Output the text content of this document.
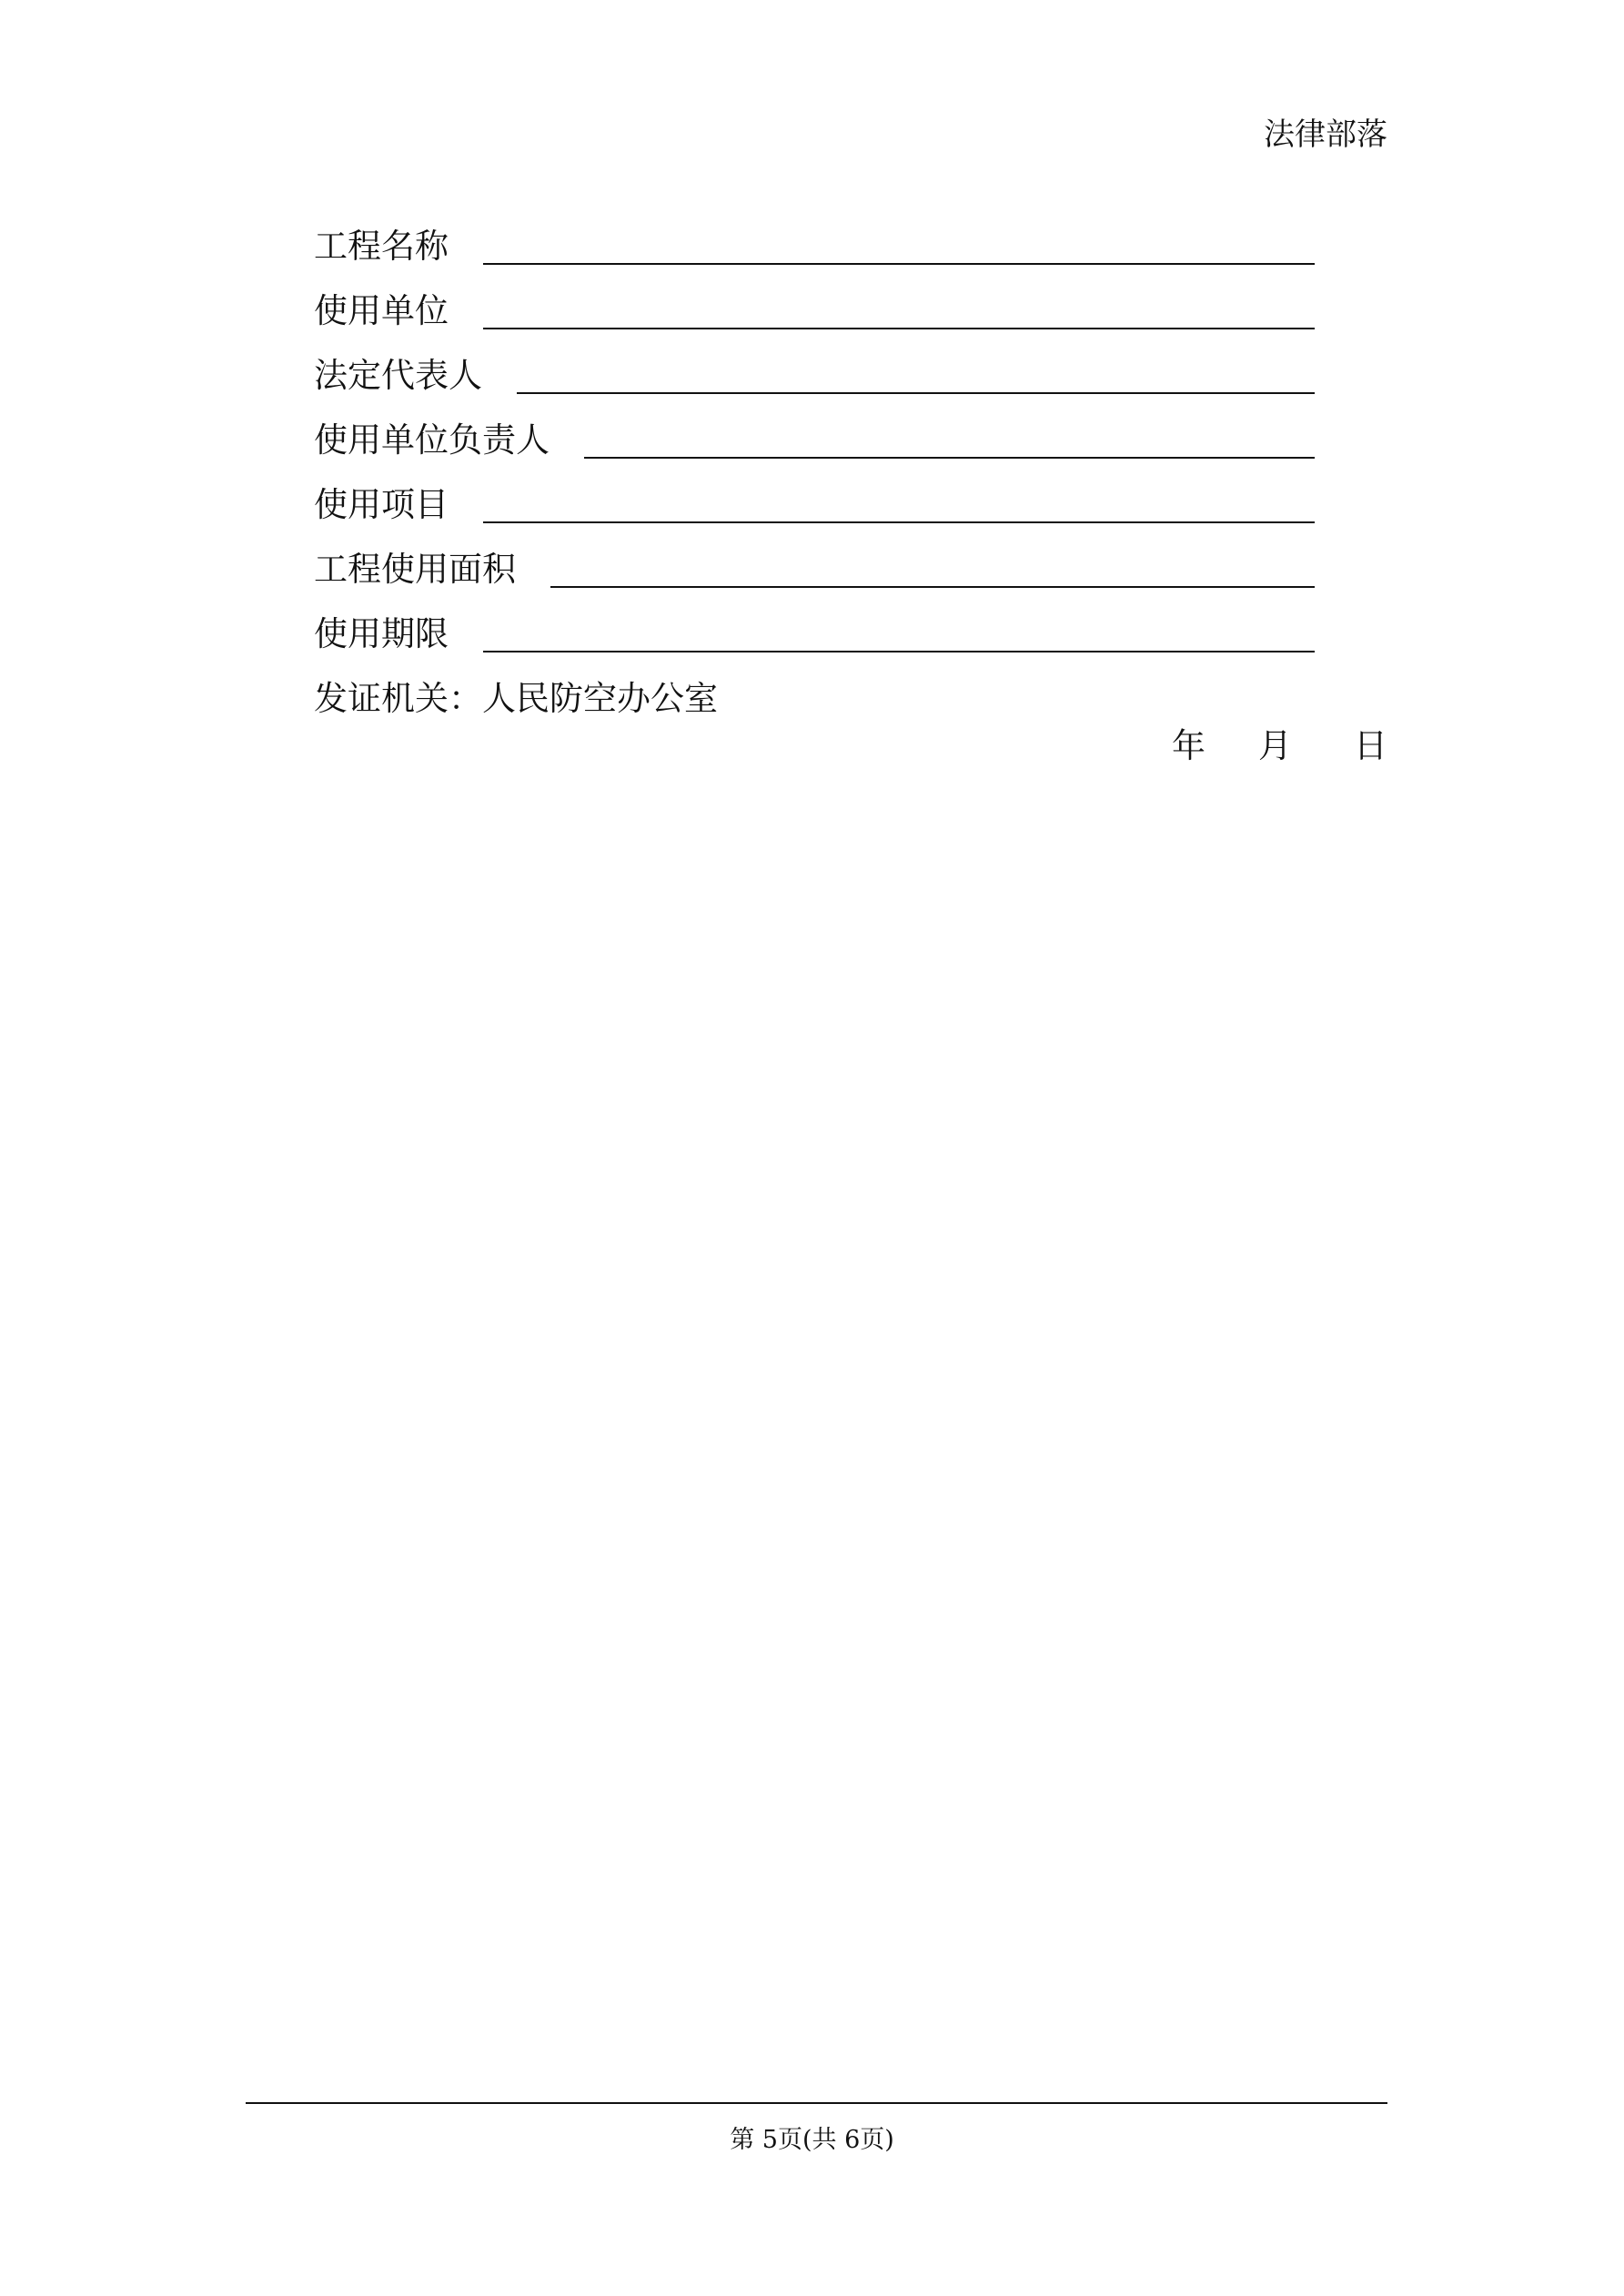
法律部落
工程名称
使用单位
法定代表人
使用单位负责人
使用项目
工程使用面积
使用期限
发证机关：人民防空办公室
年 月 日
第 5页(共 6页)
